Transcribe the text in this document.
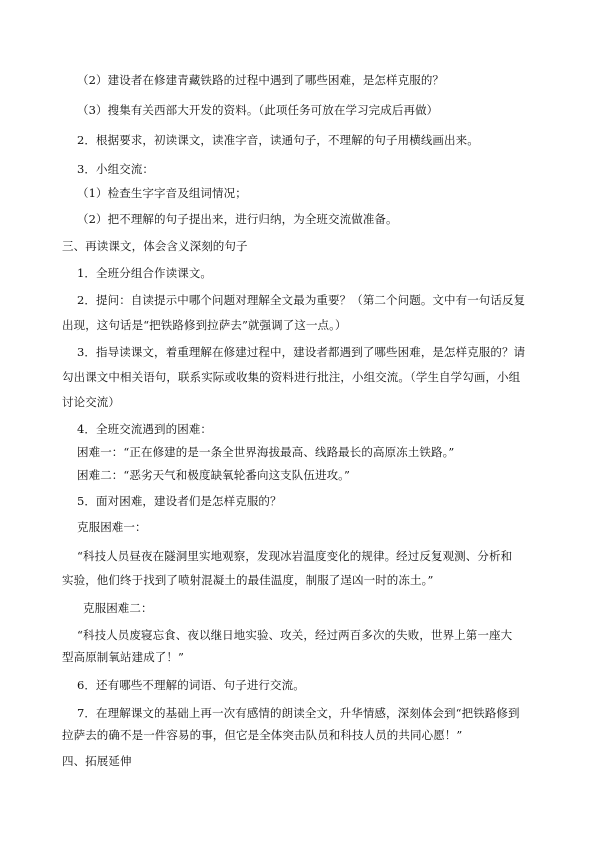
（2）建设者在修建青藏铁路的过程中遇到了哪些困难，是怎样克服的？
（3）搜集有关西部大开发的资料。（此项任务可放在学习完成后再做）
2．根据要求，初读课文，读准字音，读通句子，不理解的句子用横线画出来。
3．小组交流：
（1）检查生字字音及组词情况；
（2）把不理解的句子提出来，进行归纳，为全班交流做准备。
三、再读课文，体会含义深刻的句子
1．全班分组合作读课文。
2．提问：自读提示中哪个问题对理解全文最为重要？（第二个问题。文中有一句话反复
出现，这句话是“把铁路修到拉萨去”就强调了这一点。）
3．指导读课文，着重理解在修建过程中，建设者都遇到了哪些困难，是怎样克服的？请
勾出课文中相关语句，联系实际或收集的资料进行批注，小组交流。（学生自学勾画，小组
讨论交流）
4．全班交流遇到的困难：
困难一：“正在修建的是一条全世界海拔最高、线路最长的高原冻土铁路。”
困难二：“恶劣天气和极度缺氧轮番向这支队伍进攻。”
5．面对困难，建设者们是怎样克服的？
克服困难一：
“科技人员昼夜在隧洞里实地观察，发现冰岩温度变化的规律。经过反复观测、分析和
实验，他们终于找到了喷射混凝土的最佳温度，制服了逞凶一时的冻土。”
克服困难二：
“科技人员废寝忘食、夜以继日地实验、攻关，经过两百多次的失败，世界上第一座大
型高原制氧站建成了！”
6．还有哪些不理解的词语、句子进行交流。
7．在理解课文的基础上再一次有感情的朗读全文，升华情感，深刻体会到“把铁路修到
拉萨去的确不是一件容易的事，但它是全体突击队员和科技人员的共同心愿！”
四、拓展延伸
